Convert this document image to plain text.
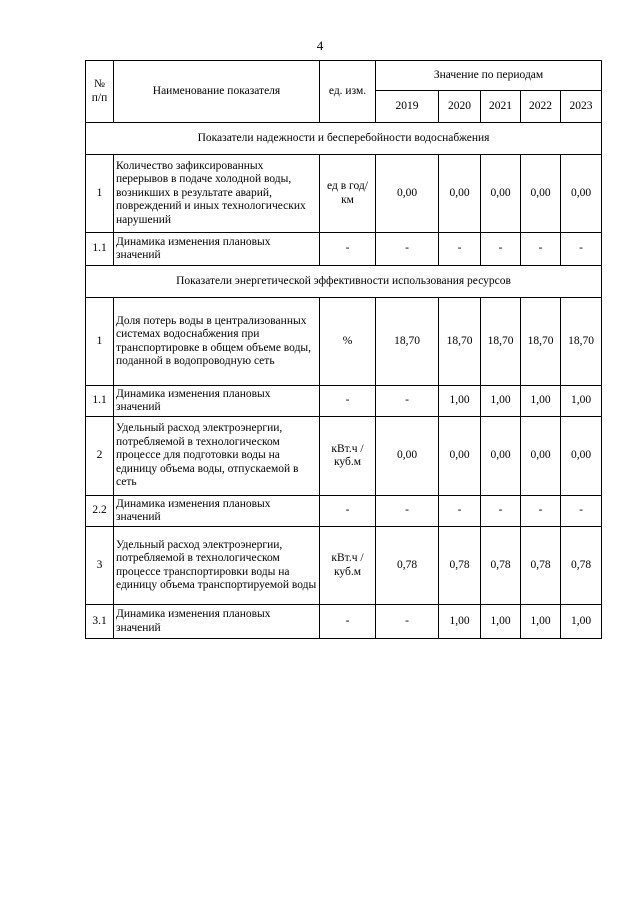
4
№ п/п	Наименование показателя	ед. изм.	Значение по периодам				
			2019	2020	2021	2022	2023
Показатели надежности и бесперебойности водоснабжения							
1	Количество зафиксированных перерывов в подаче холодной воды, возникших в результате аварий, повреждений и иных технологических нарушений	ед в год/км	0,00	0,00	0,00	0,00	0,00
1.1	Динамика изменения плановых значений	-	-	-	-	-	-
Показатели энергетической эффективности использования ресурсов							
1	Доля потерь воды в централизованных системах водоснабжения при транспортировке в общем объеме воды, поданной в водопроводную сеть	%	18,70	18,70	18,70	18,70	18,70
1.1	Динамика изменения плановых значений	-	-	1,00	1,00	1,00	1,00
2	Удельный расход электроэнергии, потребляемой в технологическом процессе для подготовки воды на единицу объема воды, отпускаемой в сеть	кВт.ч / куб.м	0,00	0,00	0,00	0,00	0,00
2.2	Динамика изменения плановых значений	-	-	-	-	-	-
3	Удельный расход электроэнергии, потребляемой в технологическом процессе транспортировки воды на единицу объема транспортируемой воды	кВт.ч / куб.м	0,78	0,78	0,78	0,78	0,78
3.1	Динамика изменения плановых значений	-	-	1,00	1,00	1,00	1,00
